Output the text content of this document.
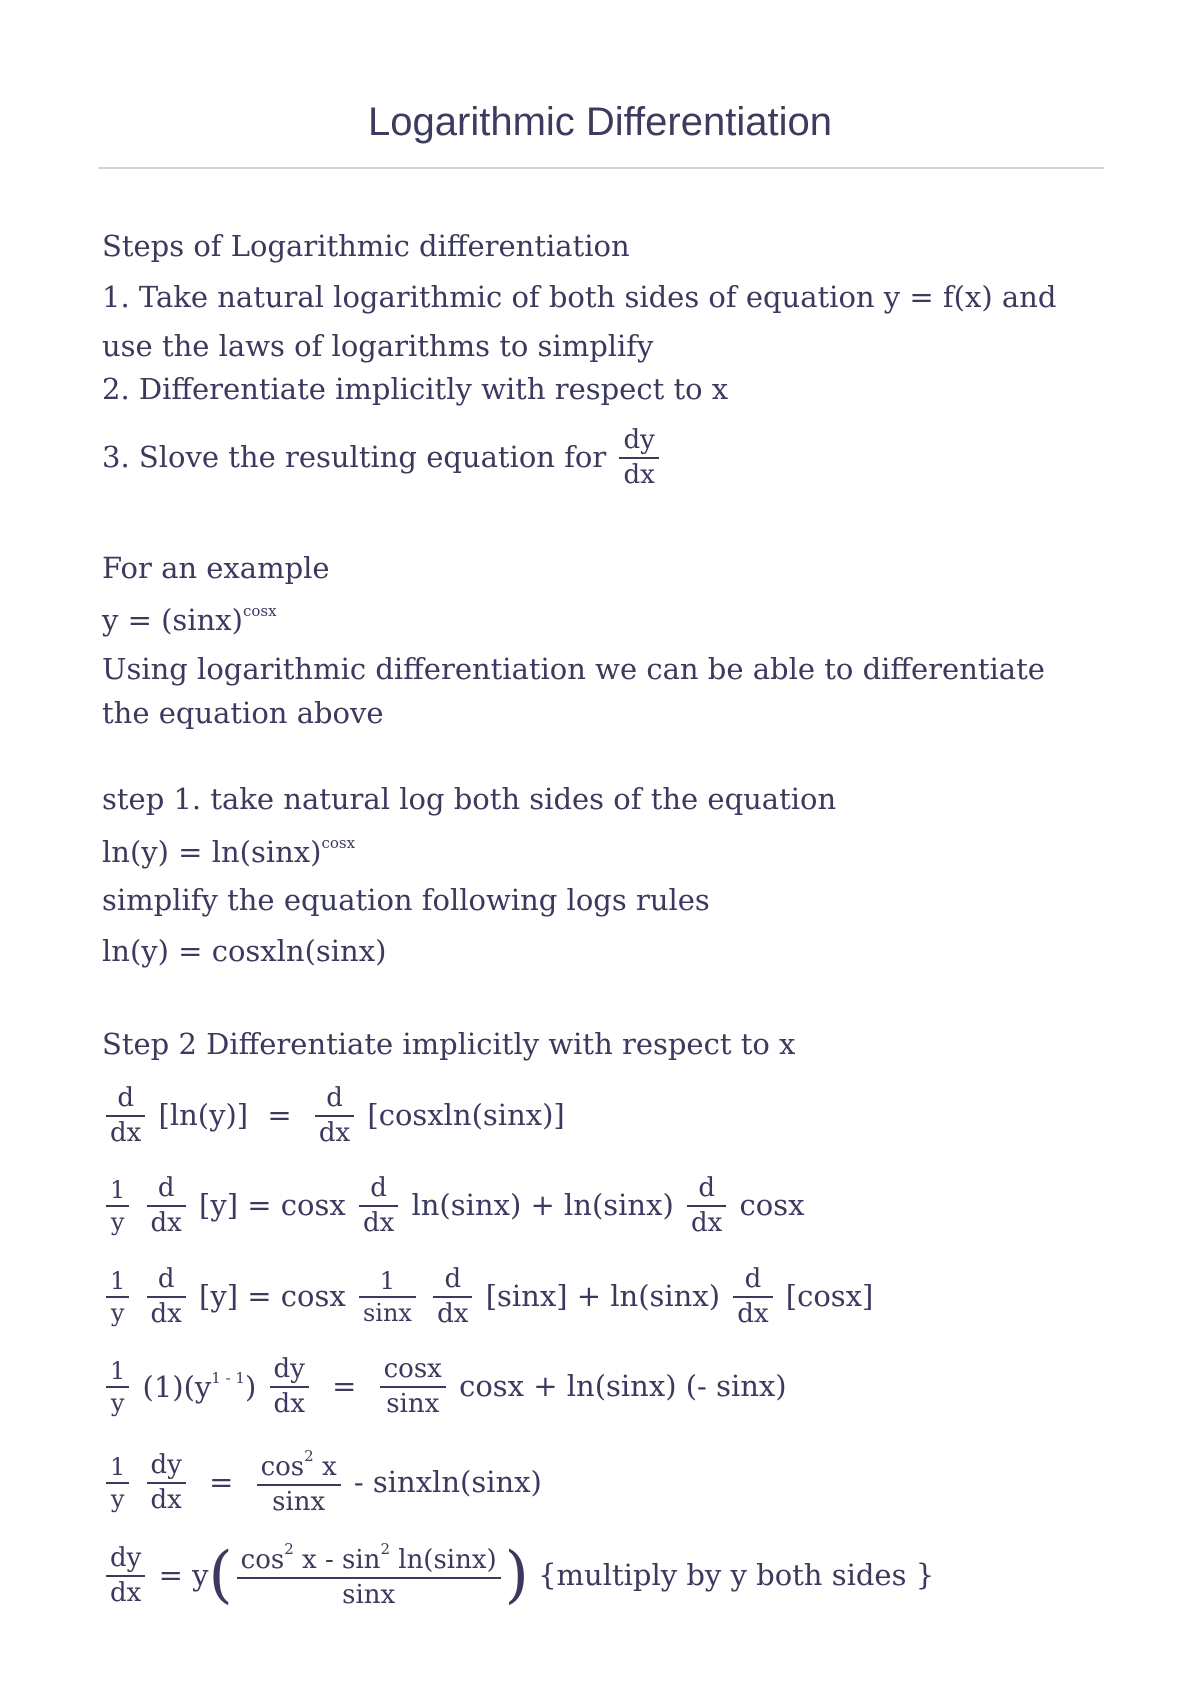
Logarithmic Differentiation
Steps of Logarithmic differentiation
1. Take natural logarithmic of both sides of equation y = f(x) and
use the laws of logarithms to simplify
2. Differentiate implicitly with respect to x
3. Slove the resulting equation for $\frac{dy}{dx}$
For an example
$y = (\sin x)^{cosx}$
Using logarithmic differentiation we can be able to differentiate
the equation above
step 1. take natural log both sides of the equation
$\ln(y) = \ln(\sin x)^{cosx}$
simplify the equation following logs rules
ln(y) = cosxln(sinx)
Step 2 Differentiate implicitly with respect to x
$\frac{d}{dx} [\ln(y)] = \frac{d}{dx}$ [cosxln(sinx)]
$\frac{1}{y}$
$\frac{d}{dx} [y] = \cos x \frac{d}{dx} \ln(\sin x) + \ln(\sin x) \frac{d}{dx}$ cosx
$\frac{1}{y}$
$\frac{d}{dx} [y] = \cos x \frac{1}{\sin x}$
$\frac{d}{dx} [\sin x] + \ln(\sin x) \frac{d}{dx} [\cos x]$
$\frac{1}{y} (1)(y^{1 - 1}) \frac{dy}{dx} = \frac{\cos x}{\sin x}$ cosx + ln(sinx) (- sinx)
$\frac{1}{y}$
$\frac{dy}{dx} = \frac{\cos^2 x}{\sin x}$ - sinxln(sinx)
$\frac{dy}{dx} = y( \frac{\cos^2 x - \sin^2 \ln(\sin x)}{\sin x}$ ) {multiply by y both sides }
